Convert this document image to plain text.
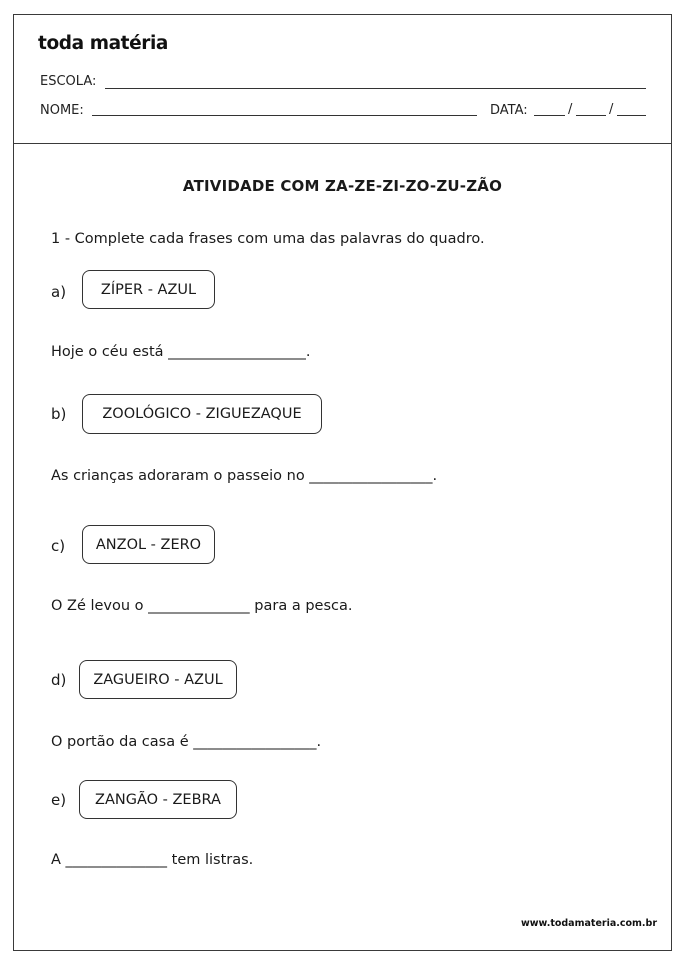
toda matéria
ESCOLA:
NOME:	DATA:	/	/
ATIVIDADE COM ZA-ZE-ZI-ZO-ZU-ZÃO
1 - Complete cada frases com uma das palavras do quadro.
a) ZÍPER - AZUL
Hoje o céu está ___________________.
b) ZOOLÓGICO - ZIGUEZAQUE
As crianças adoraram o passeio no _________________.
c) ANZOL - ZERO
O Zé levou o ______________ para a pesca.
d) ZAGUEIRO - AZUL
O portão da casa é _________________.
e) ZANGÃO - ZEBRA
A ______________ tem listras.
www.todamateria.com.br
